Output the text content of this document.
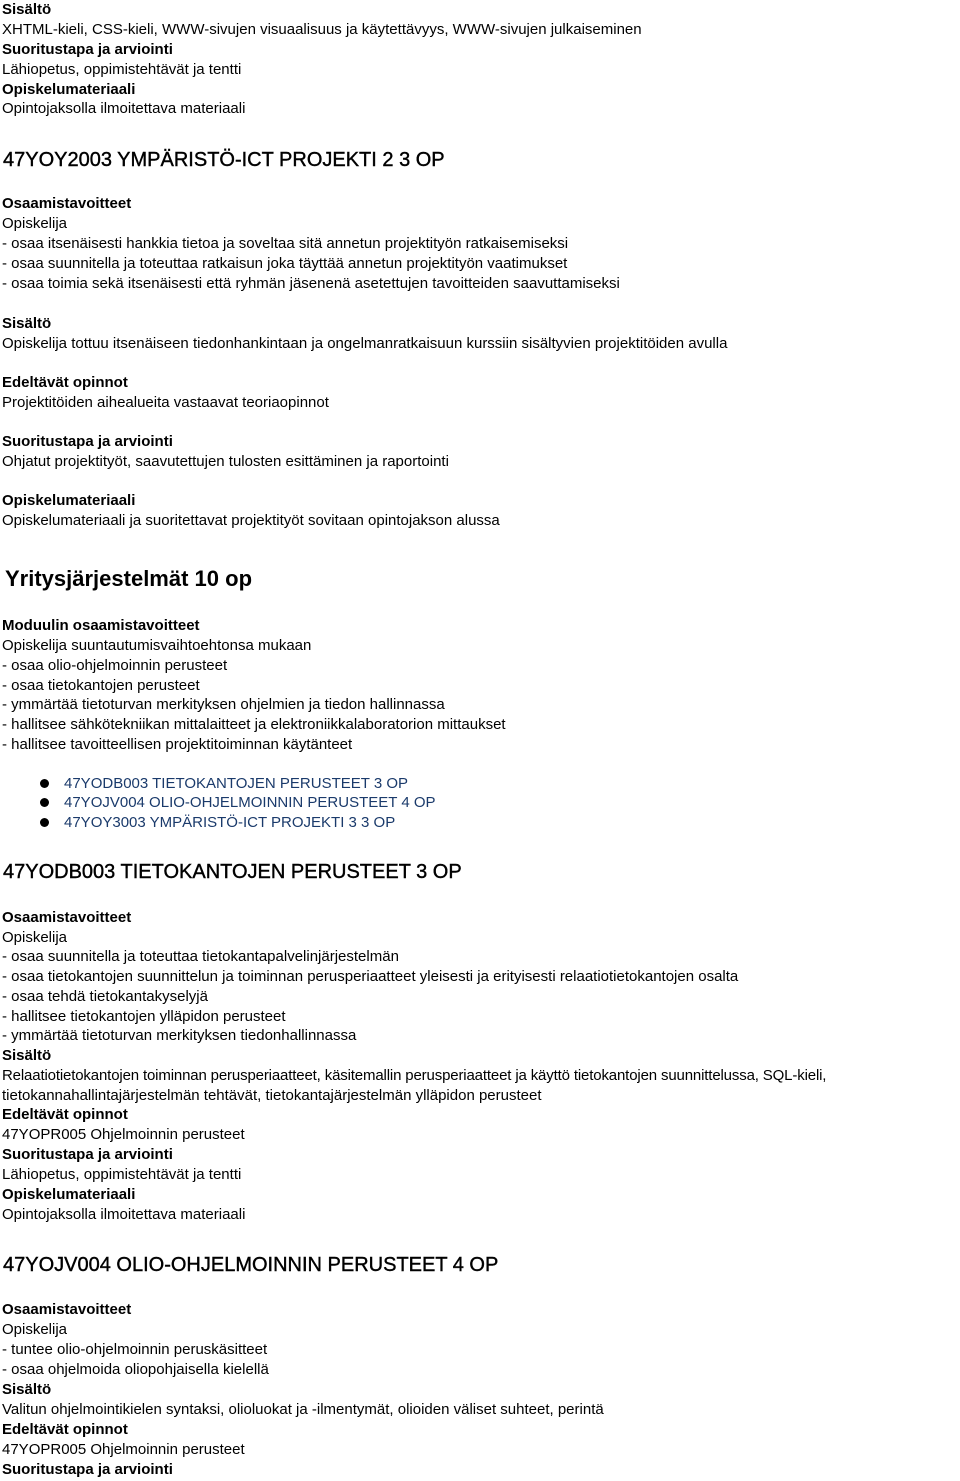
Sisältö

XHTML-kieli, CSS-kieli, WWW-sivujen visuaalisuus ja käytettävyys, WWW-sivujen julkaiseminen

Suoritustapa ja arviointi

Lähiopetus, oppimistehtävät ja tentti

Opiskelumateriaali

Opintojaksolla ilmoitettava materiaali

47YOY2003 YMPÄRISTÖ-ICT PROJEKTI 2 3 OP

Osaamistavoitteet

Opiskelija

- osaa itsenäisesti hankkia tietoa ja soveltaa sitä annetun projektityön ratkaisemiseksi

- osaa suunnitella ja toteuttaa ratkaisun joka täyttää annetun projektityön vaatimukset

- osaa toimia sekä itsenäisesti että ryhmän jäsenenä asetettujen tavoitteiden saavuttamiseksi

Sisältö

Opiskelija tottuu itsenäiseen tiedonhankintaan ja ongelmanratkaisuun kurssiin sisältyvien projektitöiden avulla

Edeltävät opinnot

Projektitöiden aihealueita vastaavat teoriaopinnot

Suoritustapa ja arviointi

Ohjatut projektityöt, saavutettujen tulosten esittäminen ja raportointi

Opiskelumateriaali

Opiskelumateriaali ja suoritettavat projektityöt sovitaan opintojakson alussa

Yritysjärjestelmät 10 op

Moduulin osaamistavoitteet

Opiskelija suuntautumisvaihtoehtonsa mukaan

- osaa olio-ohjelmoinnin perusteet

- osaa tietokantojen perusteet

- ymmärtää tietoturvan merkityksen ohjelmien ja tiedon hallinnassa

- hallitsee sähkötekniikan mittalaitteet ja elektroniikkalaboratorion mittaukset

- hallitsee tavoitteellisen projektitoiminnan käytänteet

47YODB003 TIETOKANTOJEN PERUSTEET 3 OP
47YOJV004 OLIO-OHJELMOINNIN PERUSTEET 4 OP
47YOY3003 YMPÄRISTÖ-ICT PROJEKTI 3 3 OP
47YODB003 TIETOKANTOJEN PERUSTEET 3 OP

Osaamistavoitteet

Opiskelija

- osaa suunnitella ja toteuttaa tietokantapalvelinjärjestelmän

- osaa tietokantojen suunnittelun ja toiminnan perusperiaatteet yleisesti ja erityisesti relaatiotietokantojen osalta

- osaa tehdä tietokantakyselyjä

- hallitsee tietokantojen ylläpidon perusteet

- ymmärtää tietoturvan merkityksen tiedonhallinnassa

Sisältö

Relaatiotietokantojen toiminnan perusperiaatteet, käsitemallin perusperiaatteet ja käyttö tietokantojen suunnittelussa, SQL-kieli,

tietokannahallintajärjestelmän tehtävät, tietokantajärjestelmän ylläpidon perusteet

Edeltävät opinnot

47YOPR005 Ohjelmoinnin perusteet

Suoritustapa ja arviointi

Lähiopetus, oppimistehtävät ja tentti

Opiskelumateriaali

Opintojaksolla ilmoitettava materiaali

47YOJV004 OLIO-OHJELMOINNIN PERUSTEET 4 OP

Osaamistavoitteet

Opiskelija

- tuntee olio-ohjelmoinnin peruskäsitteet

- osaa ohjelmoida oliopohjaisella kielellä

Sisältö

Valitun ohjelmointikielen syntaksi, olioluokat ja -ilmentymät, olioiden väliset suhteet, perintä

Edeltävät opinnot

47YOPR005 Ohjelmoinnin perusteet

Suoritustapa ja arviointi
